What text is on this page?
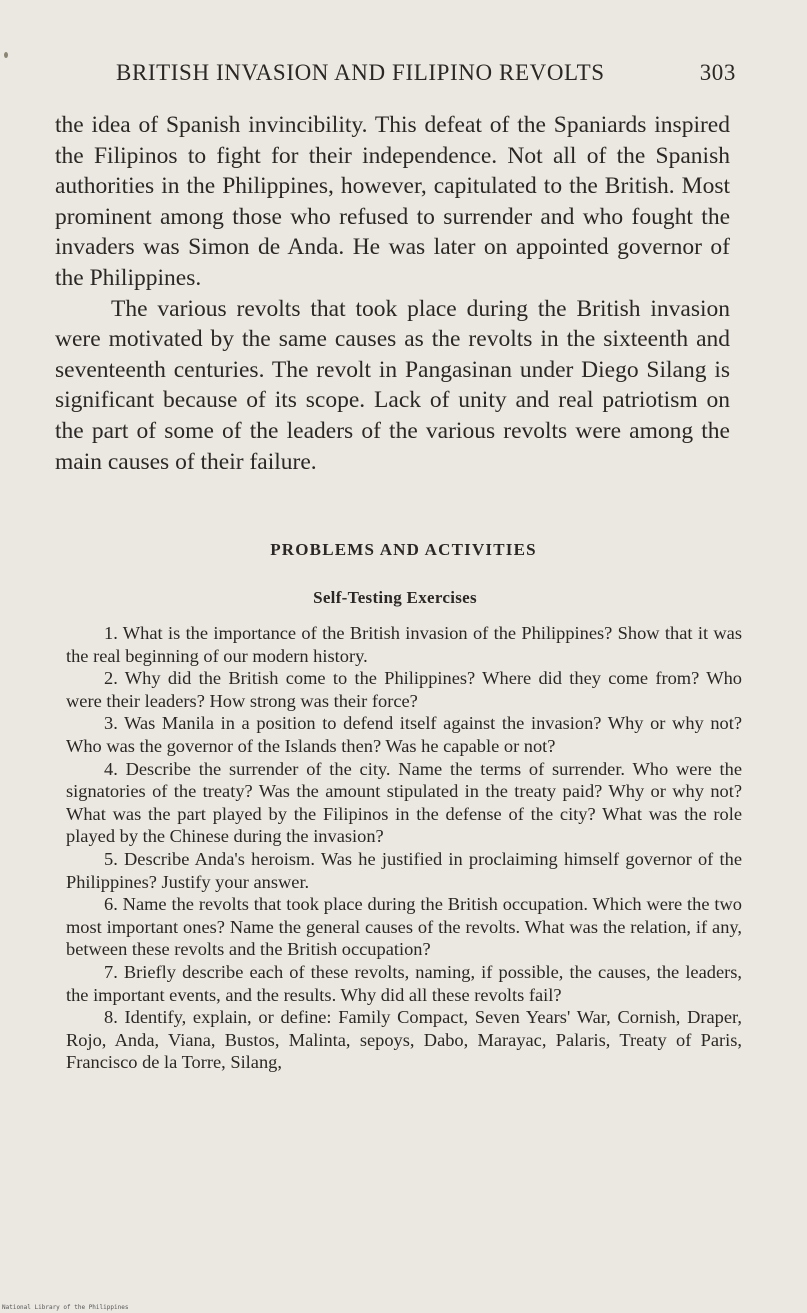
BRITISH INVASION AND FILIPINO REVOLTS	303

the idea of Spanish invincibility. This defeat of the Spaniards inspired the Filipinos to fight for their independence. Not all of the Spanish authorities in the Philippines, however, capitulated to the British. Most prominent among those who refused to surrender and who fought the invaders was Simon de Anda. He was later on appointed governor of the Philippines.

The various revolts that took place during the British invasion were motivated by the same causes as the revolts in the sixteenth and seventeenth centuries. The revolt in Pangasinan under Diego Silang is significant because of its scope. Lack of unity and real patriotism on the part of some of the leaders of the various revolts were among the main causes of their failure.

PROBLEMS AND ACTIVITIES
Self-Testing Exercises

1. What is the importance of the British invasion of the Philippines? Show that it was the real beginning of our modern history.

2. Why did the British come to the Philippines? Where did they come from? Who were their leaders? How strong was their force?

3. Was Manila in a position to defend itself against the invasion? Why or why not? Who was the governor of the Islands then? Was he capable or not?

4. Describe the surrender of the city. Name the terms of surrender. Who were the signatories of the treaty? Was the amount stipulated in the treaty paid? Why or why not? What was the part played by the Filipinos in the defense of the city? What was the role played by the Chinese during the invasion?

5. Describe Anda's heroism. Was he justified in proclaiming himself governor of the Philippines? Justify your answer.

6. Name the revolts that took place during the British occupation. Which were the two most important ones? Name the general causes of the revolts. What was the relation, if any, between these revolts and the British occupation?

7. Briefly describe each of these revolts, naming, if possible, the causes, the leaders, the important events, and the results. Why did all these revolts fail?

8. Identify, explain, or define: Family Compact, Seven Years' War, Cornish, Draper, Rojo, Anda, Viana, Bustos, Malinta, sepoys, Dabo, Marayac, Palaris, Treaty of Paris, Francisco de la Torre, Silang,

National Library of the Philippines
